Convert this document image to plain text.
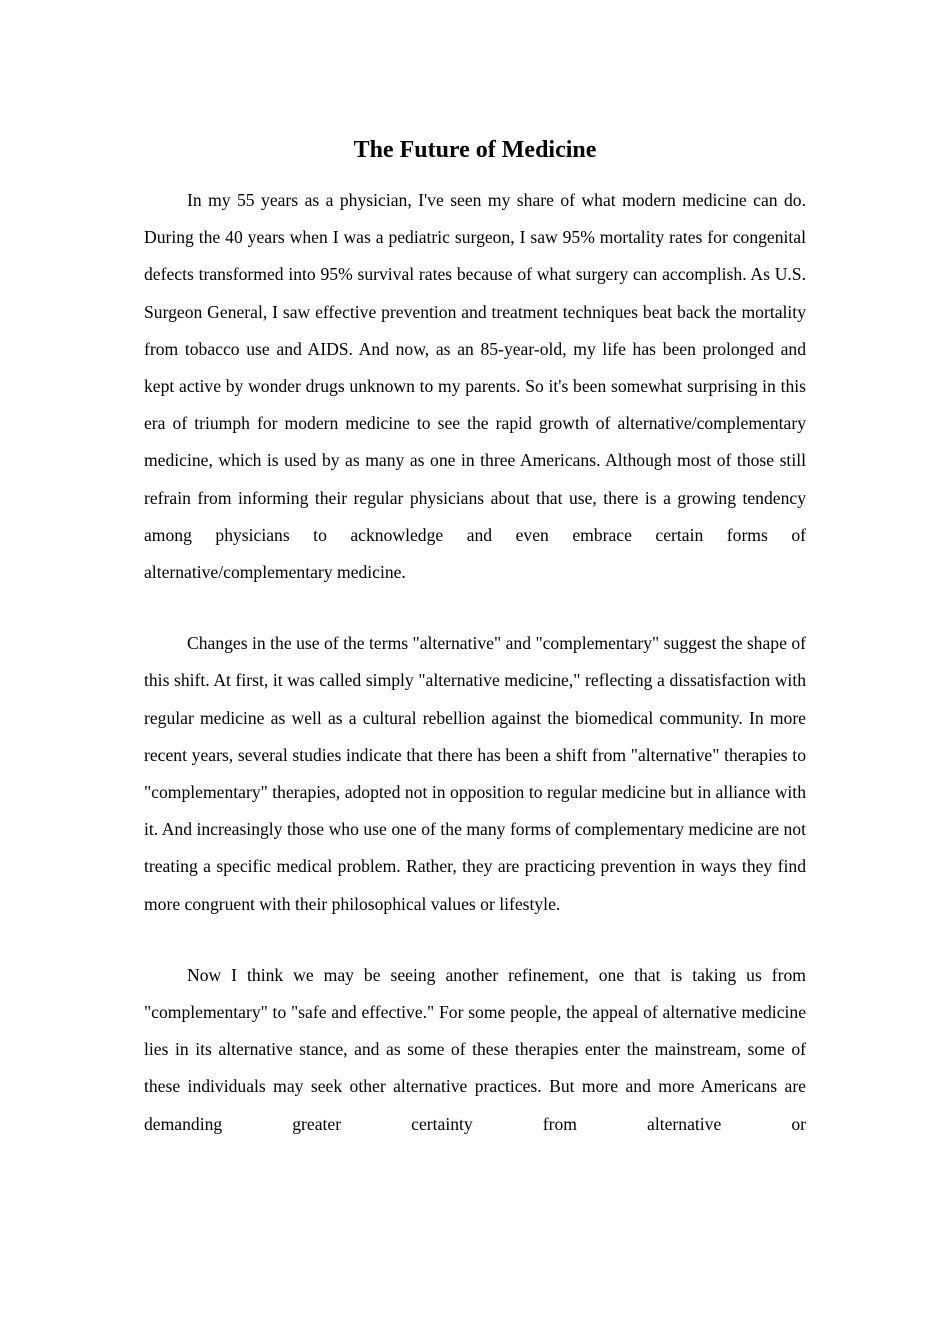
The Future of Medicine

In my 55 years as a physician, I've seen my share of what modern medicine can do. During the 40 years when I was a pediatric surgeon, I saw 95% mortality rates for congenital defects transformed into 95% survival rates because of what surgery can accomplish. As U.S. Surgeon General, I saw effective prevention and treatment techniques beat back the mortality from tobacco use and AIDS. And now, as an 85-year-old, my life has been prolonged and kept active by wonder drugs unknown to my parents. So it's been somewhat surprising in this era of triumph for modern medicine to see the rapid growth of alternative/complementary medicine, which is used by as many as one in three Americans. Although most of those still refrain from informing their regular physicians about that use, there is a growing tendency among physicians to acknowledge and even embrace certain forms of alternative/complementary medicine.

Changes in the use of the terms "alternative" and "complementary" suggest the shape of this shift. At first, it was called simply "alternative medicine," reflecting a dissatisfaction with regular medicine as well as a cultural rebellion against the biomedical community. In more recent years, several studies indicate that there has been a shift from "alternative" therapies to "complementary" therapies, adopted not in opposition to regular medicine but in alliance with it. And increasingly those who use one of the many forms of complementary medicine are not treating a specific medical problem. Rather, they are practicing prevention in ways they find more congruent with their philosophical values or lifestyle.

Now I think we may be seeing another refinement, one that is taking us from "complementary" to "safe and effective." For some people, the appeal of alternative medicine lies in its alternative stance, and as some of these therapies enter the mainstream, some of these individuals may seek other alternative practices. But more and more Americans are demanding greater certainty from alternative or
